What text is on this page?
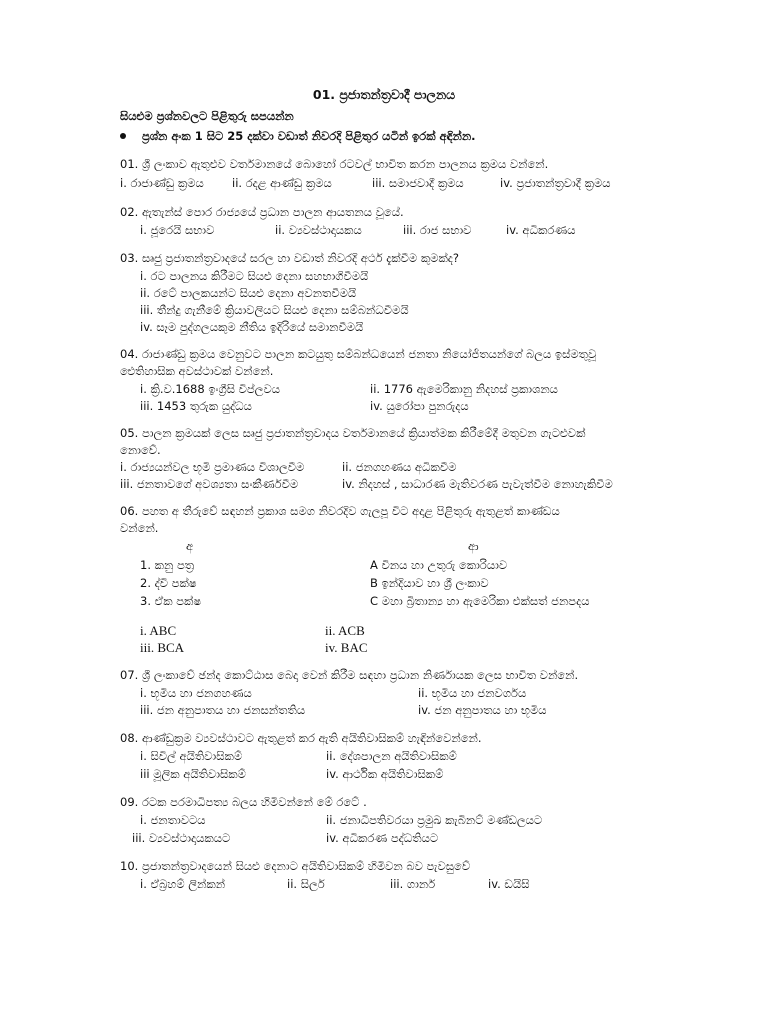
01. ප්‍රජාතන්ත්‍රවාදී පාලනය
සියළුම ප්‍රශ්නවලට පිළිතුරු සපයන්න
ප්‍රශ්න අංක 1 සිට 25 දක්වා වඩාත් නිවරදි පිළිතුර යටින් ඉරක් අඳින්න.
01. ශ්‍රී ලංකාව ඇතුළුව වර්තමානයේ බොහෝ රටවල් භාවිත කරන පාලනය ක්‍රමය වන්නේ.
i. රාජාණ්ඩු ක්‍රමය ii. රදළ ආණ්ඩු ක්‍රමය	iii. සමාජවාදී ක්‍රමය	iv. ප්‍රජාතන්ත්‍රවාදී ක්‍රමය
02. ඇතැන්ස් පොර රාජ්‍යයේ ප්‍රධාන පාලන ආයතනය වූයේ.
i. ජූරෙයි සභාව	ii. ව්‍යවස්ථාදායකය	iii. රාජ සභාව	iv. අධිකරණය
03. සෘජු ප්‍රජාතන්ත්‍රවාදයේ සරල හා වඩාත් නිවරදි අර්ථ දැක්වීම කුමක්ද?
i. රට පාලනය කිරීමට සියළු දෙනා සහභාගිවීමයි
ii. රටේ පාලකයන්ට සියළු දෙනා අවනතවීමයි
iii. තීන්දු ගැනීමේ ක්‍රියාවලියට සියළු දෙනා සම්බන්ධවීමයි
iv. සෑම පුද්ගලයකුම නීතිය ඉදිරියේ සමානවීමයි
04. රාජාණ්ඩු ක්‍රමය වෙනුවට පාලන කටයුතු සම්බන්ධයෙන් ජනතා නියෝජිතයන්ගේ බලය ඉස්මතුවූ
ඓතිහාසික අවස්ථාවක් වන්නේ.
i. ක්‍රි.ව.1688 ඉංග්‍රීසි විප්ලවය	ii. 1776 ඇමෙරිකානු නිදහස් ප්‍රකාශනය
iii. 1453 තුරුක යුද්ධය	iv. යුරෝපා පුනරුදය
05. පාලන ක්‍රමයක් ලෙස සෘජු ප්‍රජාතන්ත්‍රවාදය වර්තමානයේ ක්‍රියාත්මක කිරීමේදී මතුවන ගැටළුවක්
නොවේ.
i. රාජ්‍යයන්වල භූමි ප්‍රමාණය විශාලවීම	ii. ජනගහණය අධිකවීම
iii. ජනතාවගේ අවශ්‍යතා සංකීර්ණවීම	iv. නිදහස් , සාධාරණ මැතිවරණ පැවැත්වීම නොහැකිවීම
06. පහත අ තීරුවේ සඳහන් ප්‍රකාශ සමග නිවරදිව ගැලපූ විට අදාළ පිළිතුරු ඇතුළත් කාණ්ඩය
වන්නේ.
අ	ආ
1. කනු පත්‍ර	A විනය හා උතුරු කොරියාව
2. ද්වි පක්ෂ	B ඉන්දියාව හා ශ්‍රී ලංකාව
3. ඒක පක්ෂ	C මහා බ්‍රිතාන්‍ය හා ඇමෙරිකා එක්සත් ජනපදය
i. ABC	ii. ACB
iii. BCA	iv. BAC
07. ශ්‍රී ලංකාවේ ඡන්ද කොට්ඨාස බෙදා වෙන් කිරීම සඳහා ප්‍රධාන නිර්ණායක ලෙස භාවිත වන්නේ.
i. භූමිය හා ජනගහණය	ii. භූමිය හා ජනවර්ගය
iii. ජන අනුපාතය හා ජනසන්තතිය	iv. ජන අනුපාතය හා භූමිය
08. ආණ්ඩුක්‍රම ව්‍යවස්ථාවට ඇතුළත් කර ඇති අයිතිවාසිකම් හැඳින්වෙන්නේ.
i. සිවිල් අයිතිවාසිකම්	ii. දේශපාලන අයිතිවාසිකම්
iii මූලික අයිතිවාසිකම්	iv. ආර්ථික අයිතිවාසිකම්
09. රටක පරමාධිපත්‍ය බලය හිමිවන්නේ මේ රටේ .
i. ජනතාවටය	ii. ජනාධිපතිවරයා ප්‍රමුඛ කැබිනට් මණ්ඩලයට
iii. ව්‍යවස්ථාදායකයට	iv. අධිකරණ පද්ධතියට
10. ප්‍රජාතන්ත්‍රවාදයෙන් සියළු දෙනාට අයිතිවාසිකම් හිමිවන බව පැවසුවේ
i. ඒබ්‍රහම් ලින්කන්	ii. සිලර්	iii. ගානර්	iv. ඩයිසි
